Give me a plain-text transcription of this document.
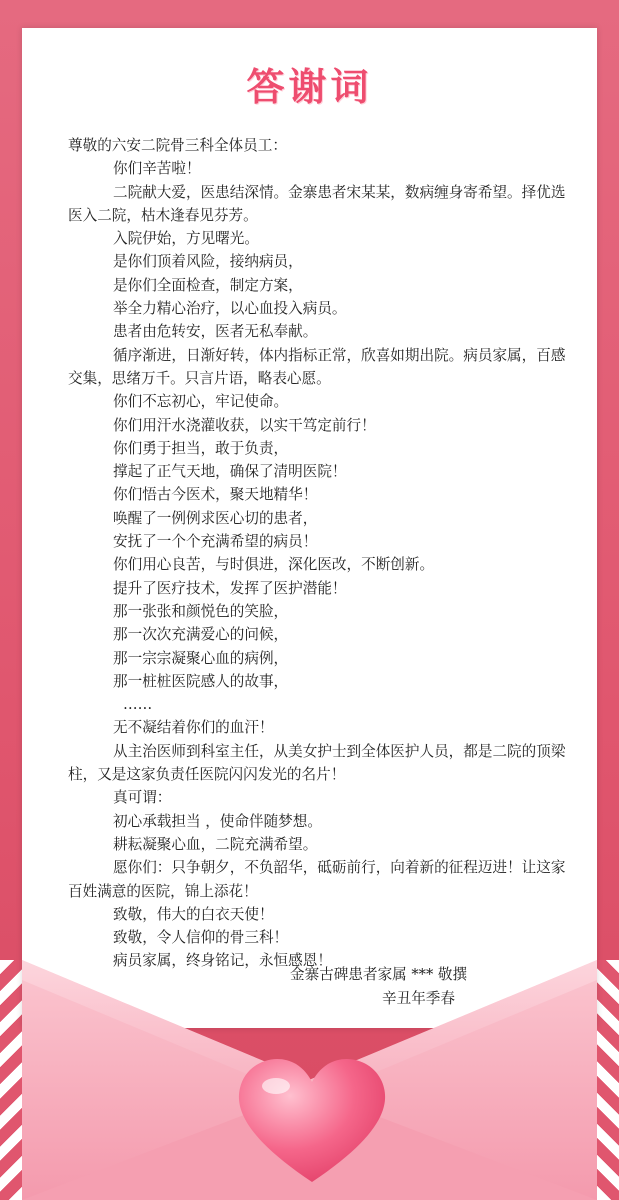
答谢词
尊敬的六安二院骨三科全体员工：
你们辛苦啦！
二院献大爱，医患结深情。金寨患者宋某某，数病缠身寄希望。择优选医入二院，枯木逢春见芬芳。
入院伊始，方见曙光。
是你们顶着风险，接纳病员，
是你们全面检查，制定方案，
举全力精心治疗，以心血投入病员。
患者由危转安，医者无私奉献。
循序渐进，日渐好转，体内指标正常，欣喜如期出院。病员家属，百感交集，思绪万千。只言片语，略表心愿。
你们不忘初心，牢记使命。
你们用汗水浇灌收获，以实干笃定前行！
你们勇于担当，敢于负责，
撑起了正气天地，确保了清明医院！
你们悟古今医术，聚天地精华！
唤醒了一例例求医心切的患者，
安抚了一个个充满希望的病员！
你们用心良苦，与时俱进，深化医改，不断创新。
提升了医疗技术，发挥了医护潜能！
那一张张和颜悦色的笑脸，
那一次次充满爱心的问候，
那一宗宗凝聚心血的病例，
那一桩桩医院感人的故事，
……
无不凝结着你们的血汗！
从主治医师到科室主任，从美女护士到全体医护人员，都是二院的顶梁柱，又是这家负责任医院闪闪发光的名片！
真可谓：
初心承载担当 ，使命伴随梦想。
耕耘凝聚心血，二院充满希望。
愿你们：只争朝夕，不负韶华，砥砺前行，向着新的征程迈进！让这家百姓满意的医院，锦上添花！
致敬，伟大的白衣天使！
致敬，令人信仰的骨三科！
病员家属，终身铭记，永恒感恩！
金寨古碑患者家属 *** 敬撰
辛丑年季春
